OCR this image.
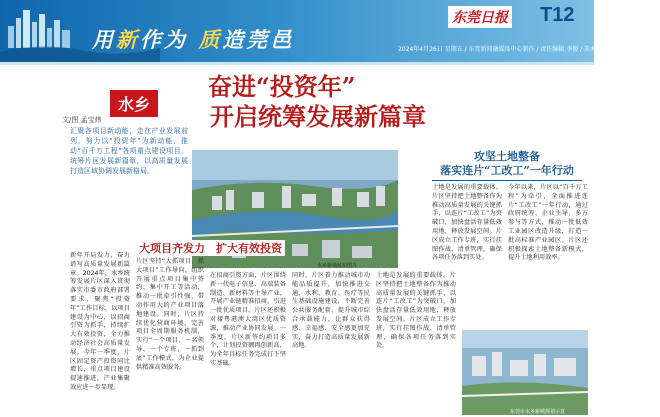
用新作为 质造莞邑
东莞日报 T12
2024年4月26日 星期五 / 东莞新闻融媒体中心制作 / 责任编辑 李俊 / 美术编辑 李金玉 / 校对 林涛
水乡
奋进“投资年”
开启统筹发展新篇章
文/图 孟宝炜
汇聚各项目新动能，走在产业发展前列，努力以“投资年”为新动能，推动“百千万工程”各项重点建设项目，统筹片区发展新篇章，以高质量发展打造区域协调发展新格局。
水乡新城航拍图片
攻坚土地整备
落实连片“工改工”一年行动
土地是发展的重要载体。片区坚持把土地整备作为推动高质量发展的关键抓手，以连片“工改工”为突破口，加快盘活存量低效用地，释放发展空间。片区成立工作专班，实行挂图作战、清单管理，确保各项任务落到实处。
今年以来，片区以“百千万工程”为牵引，全面推进连片“工改工”一年行动，通过政府统筹、企业主导、多方参与等方式，推动一批低效工业园区改造升级，打造一批高标准产业园区。片区还积极探索土地整备新模式，提升土地利用效率。
新年开局发力，奋力谱写高质量发展新篇章。2024年，水乡统筹发展片区深入贯彻落实市委市政府部署要求，聚焦“投资年”工作目标，以项目建设为中心，以招商引资为抓手，持续扩大有效投资，全力推动经济社会高质量发展。今年一季度，片区固定资产投资同比增长，重点项目建设提速推进，产业集聚效应进一步显现。
大项目齐发力　扩大有效投资
片区坚持“大抓项目、抓大项目”工作导向，组织开展重点项目集中签约、集中开工等活动，推动一批牵引性强、带动作用大的产业项目落地建设。同时，片区持续优化营商环境，完善项目全周期服务机制，实行“一个项目、一名领导、一个专班、一抓到底”工作模式，为企业提供精准高效服务。
在招商引资方面，片区围绕新一代电子信息、高端装备制造、新材料等主导产业，开展产业链精准招商，引进一批优质项目。片区还积极对接粤港澳大湾区优质资源，推动产业协同发展。一季度，片区新签约项目多个，计划投资额再创新高，为全年目标任务完成打下坚实基础。
同时，片区着力推动城市功能品质提升，加快推进交通、水利、教育、医疗等民生基础设施建设，不断完善公共服务配套，提升城市综合承载能力，让群众获得感、幸福感、安全感更加充实，奋力打造高质量发展新高地。
土地是发展的重要载体。片区坚持把土地整备作为推动高质量发展的关键抓手，以连片“工改工”为突破口，加快盘活存量低效用地，释放发展空间。片区成立工作专班，实行挂图作战、清单管理，确保各项任务落到实处。
东莞市水乡新城规划示意
